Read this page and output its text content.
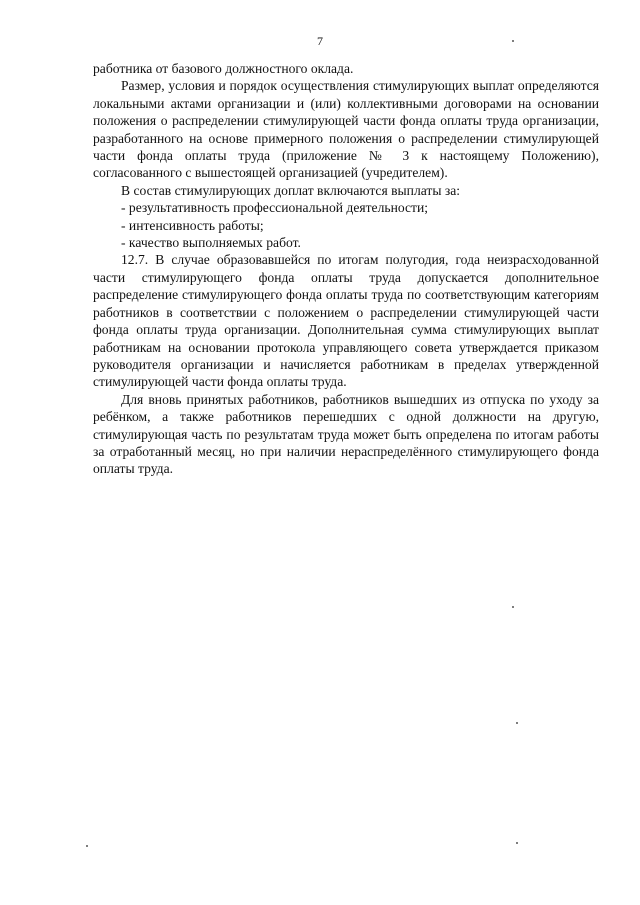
7

работника от базового должностного оклада.

Размер, условия и порядок осуществления стимулирующих выплат определяются локальными актами организации и (или) коллективными договорами на основании положения о распределении стимулирующей части фонда оплаты труда организации, разработанного на основе примерного положения о распределении стимулирующей части фонда оплаты труда (приложение № 3 к настоящему Положению), согласованного с вышестоящей организацией (учредителем).

В состав стимулирующих доплат включаются выплаты за:

- результативность профессиональной деятельности;

- интенсивность работы;

- качество выполняемых работ.

12.7. В случае образовавшейся по итогам полугодия, года неизрасходованной части стимулирующего фонда оплаты труда допускается дополнительное распределение стимулирующего фонда оплаты труда по соответствующим категориям работников в соответствии с положением о распределении стимулирующей части фонда оплаты труда организации. Дополнительная сумма стимулирующих выплат работникам на основании протокола управляющего совета утверждается приказом руководителя организации и начисляется работникам в пределах утвержденной стимулирующей части фонда оплаты труда.

Для вновь принятых работников, работников вышедших из отпуска по уходу за ребёнком, а также работников перешедших с одной должности на другую, стимулирующая часть по результатам труда может быть определена по итогам работы за отработанный месяц, но при наличии нераспределённого стимулирующего фонда оплаты труда.
